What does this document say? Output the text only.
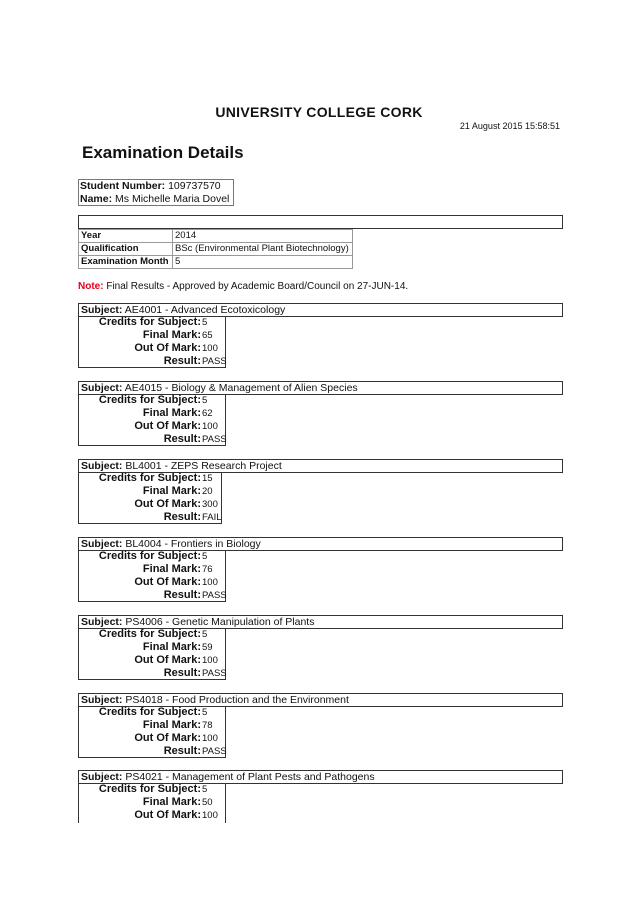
UNIVERSITY COLLEGE CORK
21 August 2015 15:58:51
Examination Details
Student Number: 109737570
Name: Ms Michelle Maria Dovel
Year	2014
Qualification	BSc (Environmental Plant Biotechnology)
Examination Month	5
Note: Final Results - Approved by Academic Board/Council on 27-JUN-14.
Subject: AE4001 - Advanced Ecotoxicology
Credits for Subject: 5
Final Mark: 65
Out Of Mark: 100
Result: PASS
Subject: AE4015 - Biology & Management of Alien Species
Credits for Subject: 5
Final Mark: 62
Out Of Mark: 100
Result: PASS
Subject: BL4001 - ZEPS Research Project
Credits for Subject: 15
Final Mark: 20
Out Of Mark: 300
Result: FAIL
Subject: BL4004 - Frontiers in Biology
Credits for Subject: 5
Final Mark: 76
Out Of Mark: 100
Result: PASS
Subject: PS4006 - Genetic Manipulation of Plants
Credits for Subject: 5
Final Mark: 59
Out Of Mark: 100
Result: PASS
Subject: PS4018 - Food Production and the Environment
Credits for Subject: 5
Final Mark: 78
Out Of Mark: 100
Result: PASS
Subject: PS4021 - Management of Plant Pests and Pathogens
Credits for Subject: 5
Final Mark: 50
Out Of Mark: 100
